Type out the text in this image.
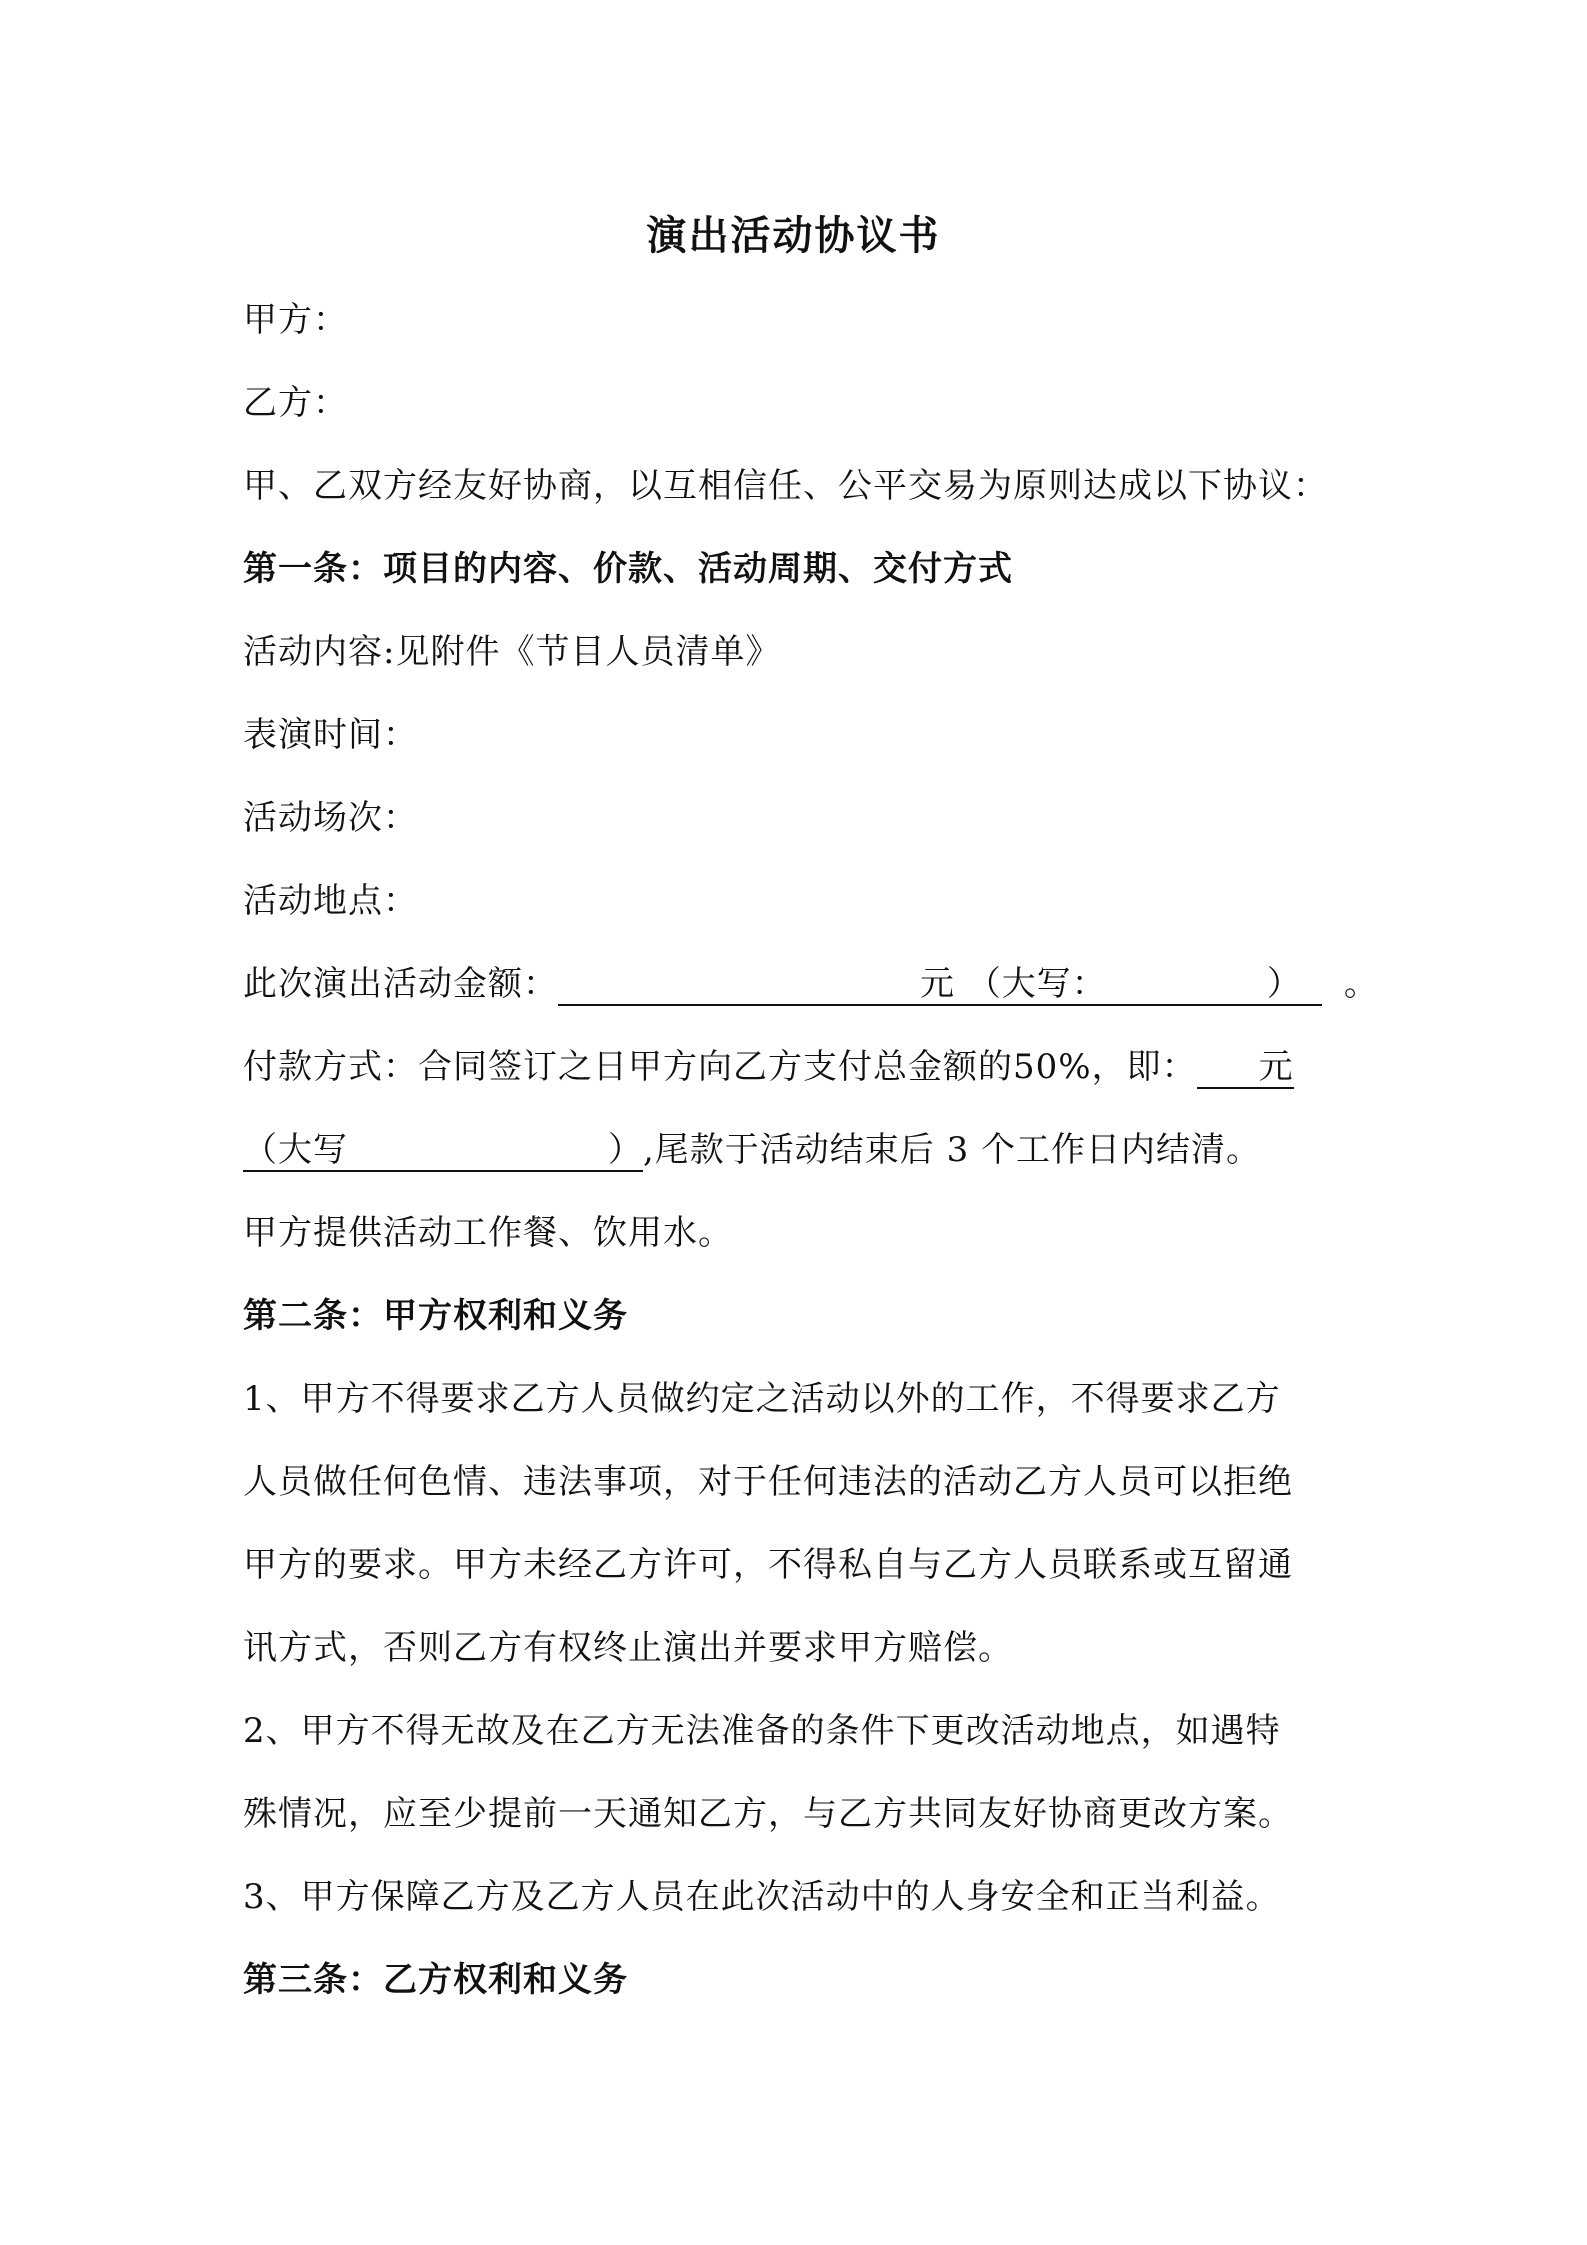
演出活动协议书
甲方：
乙方：
甲、乙双方经友好协商，以互相信任、公平交易为原则达成以下协议：
第一条：项目的内容、价款、活动周期、交付方式
活动内容:见附件《节目人员清单》
表演时间：
活动场次：
活动地点：
此次演出活动金额：	元 （大写：	） 。
付款方式：合同签订之日甲方向乙方支付总金额的50%，即： 元
（大写	）,尾款于活动结束后 3 个工作日内结清。
甲方提供活动工作餐、饮用水。
第二条：甲方权利和义务
1、甲方不得要求乙方人员做约定之活动以外的工作，不得要求乙方
人员做任何色情、违法事项，对于任何违法的活动乙方人员可以拒绝
甲方的要求。甲方未经乙方许可，不得私自与乙方人员联系或互留通
讯方式，否则乙方有权终止演出并要求甲方赔偿。
2、甲方不得无故及在乙方无法准备的条件下更改活动地点，如遇特
殊情况，应至少提前一天通知乙方，与乙方共同友好协商更改方案。
3、甲方保障乙方及乙方人员在此次活动中的人身安全和正当利益。
第三条：乙方权利和义务
